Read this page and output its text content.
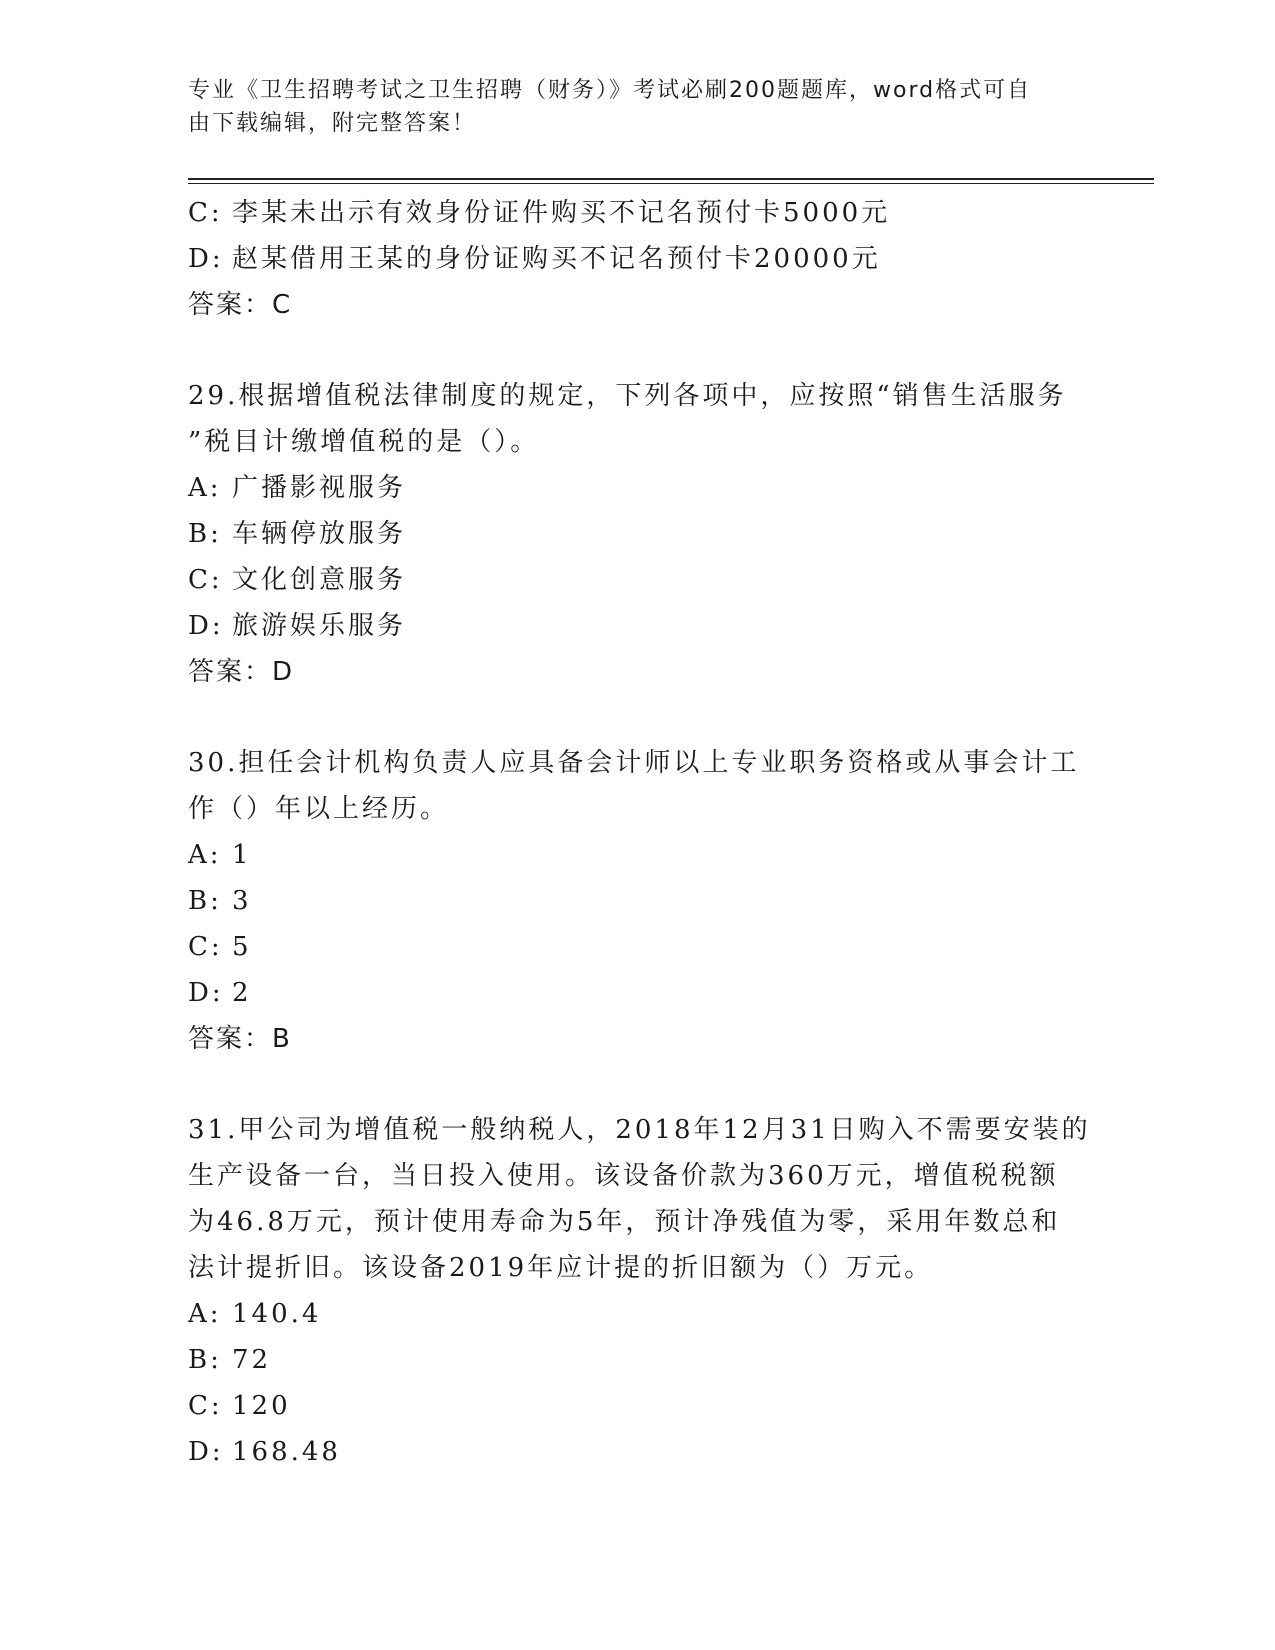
专业《卫生招聘考试之卫生招聘（财务）》考试必刷200题题库，word格式可自
由下载编辑，附完整答案！
C: 李某未出示有效身份证件购买不记名预付卡5000元
D: 赵某借用王某的身份证购买不记名预付卡20000元
答案：C
29.根据增值税法律制度的规定，下列各项中，应按照“销售生活服务
”税目计缴增值税的是（）。
A: 广播影视服务
B: 车辆停放服务
C: 文化创意服务
D: 旅游娱乐服务
答案：D
30.担任会计机构负责人应具备会计师以上专业职务资格或从事会计工
作（）年以上经历。
A: 1
B: 3
C: 5
D: 2
答案：B
31.甲公司为增值税一般纳税人，2018年12月31日购入不需要安装的
生产设备一台，当日投入使用。该设备价款为360万元，增值税税额
为46.8万元，预计使用寿命为5年，预计净残值为零，采用年数总和
法计提折旧。该设备2019年应计提的折旧额为（）万元。
A: 140.4
B: 72
C: 120
D: 168.48
